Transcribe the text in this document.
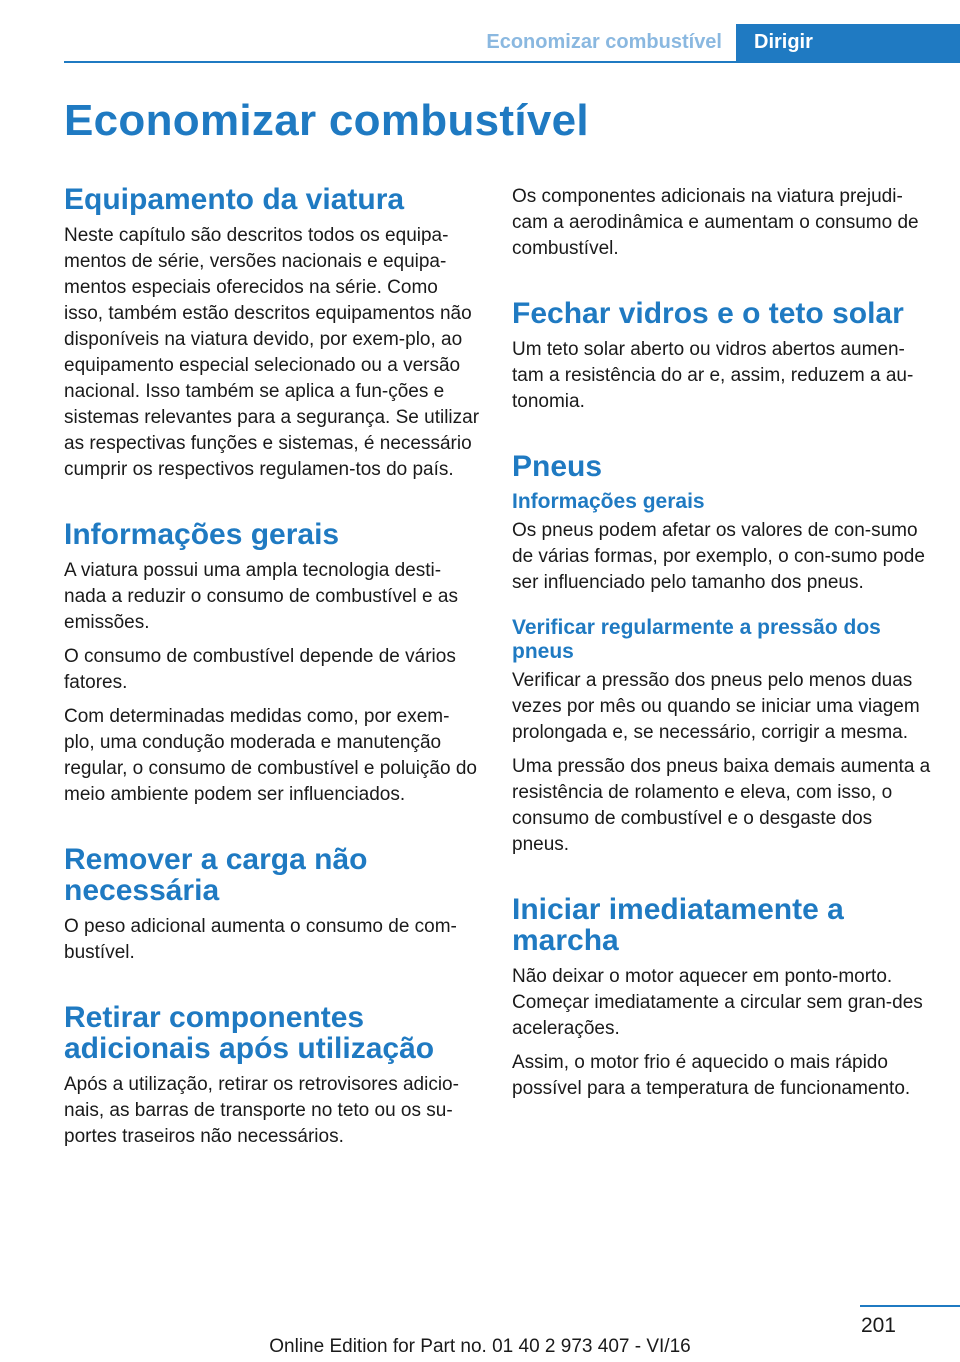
Economizar combustível	Dirigir
Economizar combustível
Equipamento da viatura

Neste capítulo são descritos todos os equipa‐mentos de série, versões nacionais e equipa‐mentos especiais oferecidos na série. Como isso, também estão descritos equipamentos não disponíveis na viatura devido, por exem‐plo, ao equipamento especial selecionado ou a versão nacional. Isso também se aplica a fun‐ções e sistemas relevantes para a segurança. Se utilizar as respectivas funções e sistemas, é necessário cumprir os respectivos regulamen‐tos do país.

Informações gerais

A viatura possui uma ampla tecnologia desti‐nada a reduzir o consumo de combustível e as emissões.

O consumo de combustível depende de vários fatores.

Com determinadas medidas como, por exem‐plo, uma condução moderada e manutenção regular, o consumo de combustível e poluição do meio ambiente podem ser influenciados.

Remover a carga não necessária

O peso adicional aumenta o consumo de com‐bustível.

Retirar componentes adicionais após utilização

Após a utilização, retirar os retrovisores adicio‐nais, as barras de transporte no teto ou os su‐portes traseiros não necessários.

Os componentes adicionais na viatura prejudi‐cam a aerodinâmica e aumentam o consumo de combustível.

Fechar vidros e o teto solar

Um teto solar aberto ou vidros abertos aumen‐tam a resistência do ar e, assim, reduzem a au‐tonomia.

Pneus
Informações gerais

Os pneus podem afetar os valores de con‐sumo de várias formas, por exemplo, o con‐sumo pode ser influenciado pelo tamanho dos pneus.

Verificar regularmente a pressão dos pneus

Verificar a pressão dos pneus pelo menos duas vezes por mês ou quando se iniciar uma viagem prolongada e, se necessário, corrigir a mesma.

Uma pressão dos pneus baixa demais aumenta a resistência de rolamento e eleva, com isso, o consumo de combustível e o desgaste dos pneus.

Iniciar imediatamente a marcha

Não deixar o motor aquecer em ponto-morto. Começar imediatamente a circular sem gran‐des acelerações.

Assim, o motor frio é aquecido o mais rápido possível para a temperatura de funcionamento.

201
Online Edition for Part no. 01 40 2 973 407 - VI/16
